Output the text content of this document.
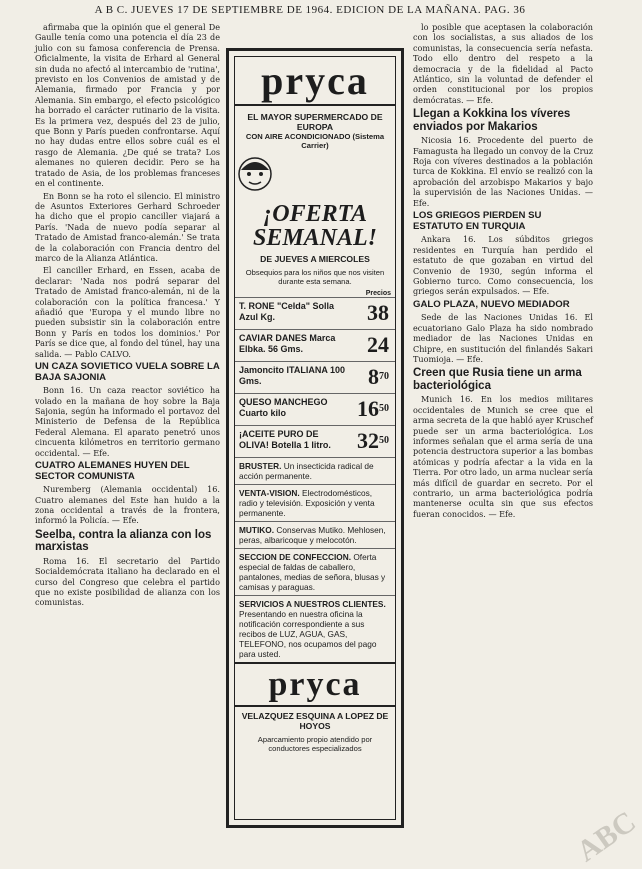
A B C. JUEVES 17 DE SEPTIEMBRE DE 1964. EDICION DE LA MAÑANA. PAG. 36

afirmaba que la opinión que el general De Gaulle tenía como una potencia el día 23 de julio con su famosa conferencia de Prensa. Oficialmente, la visita de Erhard al General sin duda no afectó al intercambio de 'rutina', previsto en los Convenios de amistad y de Alemania, firmado por Francia y por Alemania. Sin embargo, el efecto psicológico ha borrado el carácter rutinario de la visita. Es la primera vez, después del 23 de julio, que Bonn y París pueden confrontarse. Aquí no hay dudas entre ellos sobre cuál es el rasgo de Alemania. ¿De qué se trata? Los alemanes no quieren decidir. Pero se ha tratado de Asia, de los problemas franceses en el continente.

En Bonn se ha roto el silencio. El ministro de Asuntos Exteriores Gerhard Schroeder ha dicho que el propio canciller viajará a París. 'Nada de nuevo podía separar al Tratado de Amistad franco-alemán.' Se trata de la colaboración con Francia dentro del marco de la Alianza Atlántica.

El canciller Erhard, en Essen, acaba de declarar: 'Nada nos podrá separar del Tratado de Amistad franco-alemán, ni de la colaboración con la política francesa.' Y añadió que 'Europa y el mundo libre no pueden subsistir sin la colaboración entre Bonn y París en todos los dominios.' Por París se dice que, al fondo del túnel, hay una salida. — Pablo CALVO.

UN CAZA SOVIETICO VUELA SOBRE LA BAJA SAJONIA

Bonn 16. Un caza reactor soviético ha volado en la mañana de hoy sobre la Baja Sajonia, según ha informado el portavoz del Ministerio de Defensa de la República Federal Alemana. El aparato penetró unos cincuenta kilómetros en territorio germano occidental. — Efe.

CUATRO ALEMANES HUYEN DEL SECTOR COMUNISTA

Nuremberg (Alemania occidental) 16. Cuatro alemanes del Este han huido a la zona occidental a través de la frontera, informó la Policía. — Efe.

Seelba, contra la alianza con los marxistas

Roma 16. El secretario del Partido Socialdemócrata italiano ha declarado en el curso del Congreso que celebra el partido que no existe posibilidad de alianza con los comunistas.

pryca
EL MAYOR SUPERMERCADO DE EUROPA
CON AIRE ACONDICIONADO (Sistema Carrier)
¡OFERTA SEMANAL!
DE JUEVES A MIERCOLES
Obsequios para los niños que nos visiten durante esta semana.
Precios
T. RONE "Celda" Solla Azul Kg.	38
CAVIAR DANES Marca Elbka. 56 Gms.	24
Jamoncito ITALIANA 100 Gms.	$8^{70}$
QUESO MANCHEGO Cuarto kilo	$16^{50}$
¡ACEITE PURO DE OLIVA! Botella 1 litro.	$32^{50}$
BRUSTER. Un insecticida radical de acción permanente.
VENTA-VISION. Electrodomésticos, radio y televisión. Exposición y venta permanente.
MUTIKO. Conservas Mutiko. Mehlosen, peras, albaricoque y melocotón.
SECCION DE CONFECCION. Oferta especial de faldas de caballero, pantalones, medias de señora, blusas y camisas y paraguas.
SERVICIOS A NUESTROS CLIENTES. Presentando en nuestra oficina la notificación correspondiente a sus recibos de LUZ, AGUA, GAS, TELEFONO, nos ocupamos del pago para usted.
pryca
VELAZQUEZ ESQUINA A LOPEZ DE HOYOS
Aparcamiento propio atendido por conductores especializados

lo posible que aceptasen la colaboración con los socialistas, a sus aliados de los comunistas, la consecuencia sería nefasta. Todo ello dentro del respeto a la democracia y de la fidelidad al Pacto Atlántico, sin la voluntad de defender el orden constitucional por los propios demócratas. — Efe.

Llegan a Kokkina los víveres enviados por Makarios

Nicosia 16. Procedente del puerto de Famagusta ha llegado un convoy de la Cruz Roja con víveres destinados a la población turca de Kokkina. El envío se realizó con la aprobación del arzobispo Makarios y bajo la supervisión de las Naciones Unidas. — Efe.

LOS GRIEGOS PIERDEN SU ESTATUTO EN TURQUIA

Ankara 16. Los súbditos griegos residentes en Turquía han perdido el estatuto de que gozaban en virtud del Convenio de 1930, según informa el Gobierno turco. Como consecuencia, los griegos serán expulsados. — Efe.

GALO PLAZA, NUEVO MEDIADOR

Sede de las Naciones Unidas 16. El ecuatoriano Galo Plaza ha sido nombrado mediador de las Naciones Unidas en Chipre, en sustitución del finlandés Sakari Tuomioja. — Efe.

Creen que Rusia tiene un arma bacteriológica

Munich 16. En los medios militares occidentales de Munich se cree que el arma secreta de la que habló ayer Kruschef puede ser un arma bacteriológica. Los informes señalan que el arma sería de una potencia destructora superior a las bombas atómicas y podría afectar a la vida en la Tierra. Por otro lado, un arma nuclear sería más difícil de guardar en secreto. Por el contrario, un arma bacteriológica podría mantenerse oculta sin que sus efectos fueran conocidos. — Efe.

ABC
